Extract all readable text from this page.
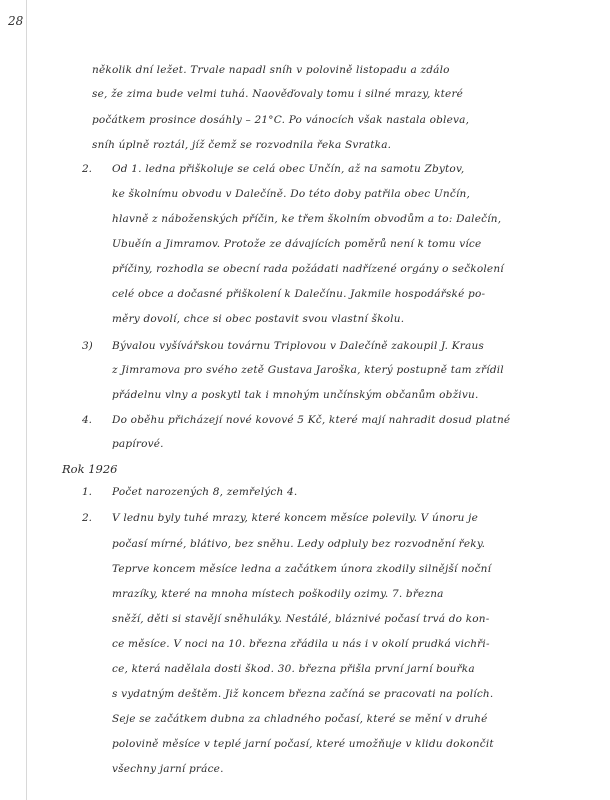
28
několik dní ležet. Trvale napadl sníh v polovině listopadu a zdálo
se, že zima bude velmi tuhá. Naověďovaly tomu i silné mrazy, které
počátkem prosince dosáhly – 21°C. Po vánocích však nastala obleva,
sníh úplně roztál, jíž čemž se rozvodnila řeka Svratka.
2. Od 1. ledna přiškoluje se celá obec Unčín, až na samotu Zbytov,
ke školnímu obvodu v Dalečíně. Do této doby patřila obec Unčín,
hlavně z náboženských příčin, ke třem školním obvodům a to: Dalečín,
Ubuěín a Jimramov. Protože ze dávajících poměrů není k tomu více
příčiny, rozhodla se obecní rada požádati nadřízené orgány o sečkolení
celé obce a dočasné přiškolení k Dalečínu. Jakmile hospodářské po-
měry dovolí, chce si obec postavit svou vlastní školu.
3) Bývalou vyšívářskou továrnu Triplovou v Dalečíně zakoupil J. Kraus
z Jimramova pro svého zetě Gustava Jaroška, který postupně tam zřídil
přádelnu vlny a poskytl tak i mnohým unčínským občanům obživu.
4. Do oběhu přicházejí nové kovové 5 Kč, které mají nahradit dosud platné
papírové.
Rok 1926
1. Počet narozených 8, zemřelých 4.
2. V lednu byly tuhé mrazy, které koncem měsíce polevily. V únoru je
počasí mírné, blátivo, bez sněhu. Ledy odpluly bez rozvodnění řeky.
Teprve koncem měsíce ledna a začátkem února zkodily silnější noční
mrazíky, které na mnoha místech poškodily ozimy. 7. března
sněží, děti si stavějí sněhuláky. Nestálé, bláznivé počasí trvá do kon-
ce měsíce. V noci na 10. března zřádila u nás i v okolí prudká vichři-
ce, která nadělala dosti škod. 30. března přišla první jarní bouřka
s vydatným deštěm. Již koncem března začíná se pracovati na polích.
Seje se začátkem dubna za chladného počasí, které se mění v druhé
polovině měsíce v teplé jarní počasí, které umožňuje v klidu dokončit
všechny jarní práce.
